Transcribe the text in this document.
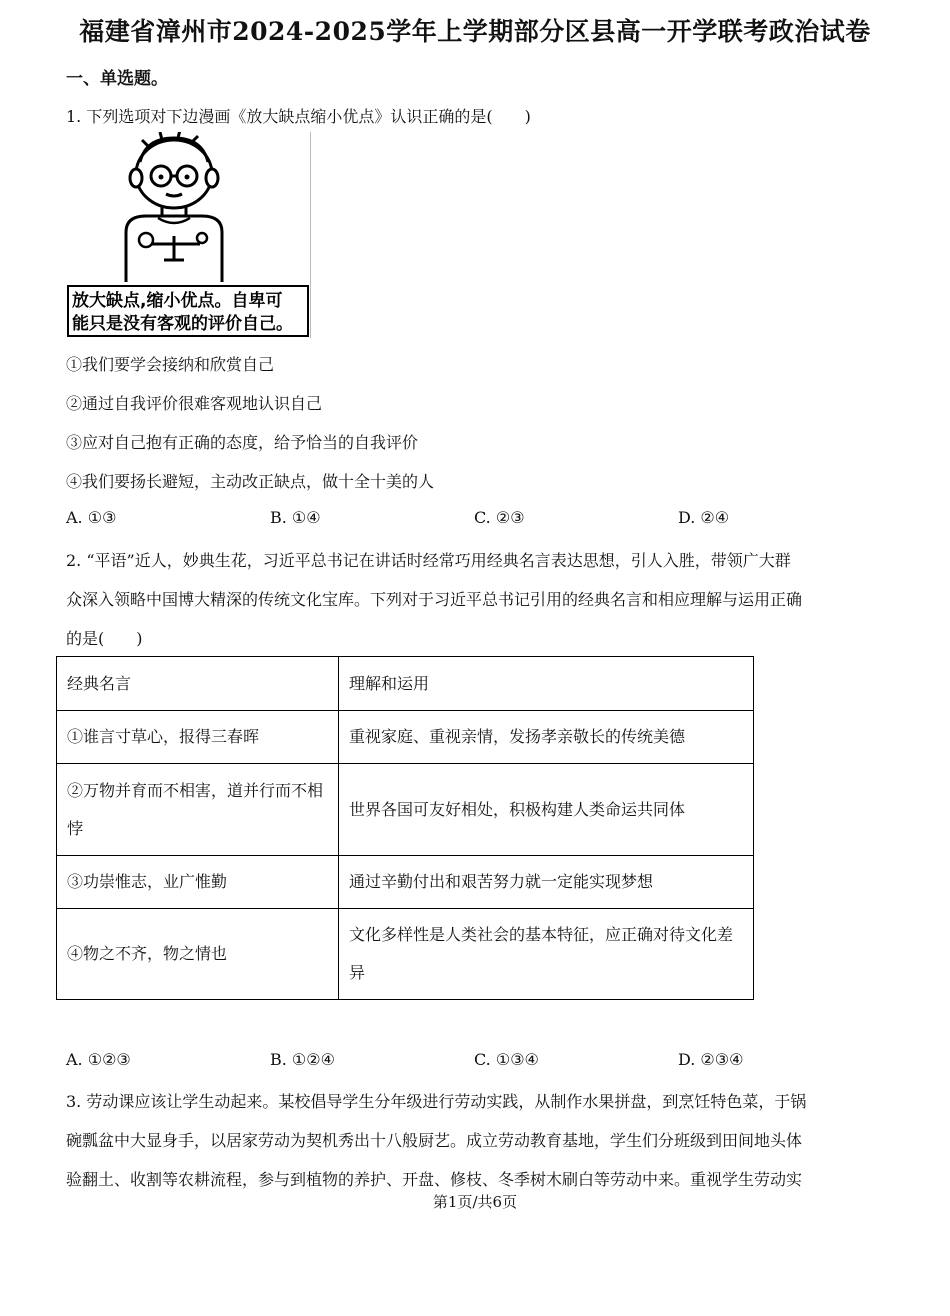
福建省漳州市2024-2025学年上学期部分区县高一开学联考政治试卷
一、单选题。
1. 下列选项对下边漫画《放大缺点缩小优点》认识正确的是(　　)
放大缺点,缩小优点。自卑可
能只是没有客观的评价自己。
①我们要学会接纳和欣赏自己
②通过自我评价很难客观地认识自己
③应对自己抱有正确的态度，给予恰当的自我评价
④我们要扬长避短，主动改正缺点，做十全十美的人
A. ①③	B. ①④	C. ②③	D. ②④
2. “平语”近人，妙典生花，习近平总书记在讲话时经常巧用经典名言表达思想，引人入胜，带领广大群
众深入领略中国博大精深的传统文化宝库。下列对于习近平总书记引用的经典名言和相应理解与运用正确
的是(　　)
经典名言	理解和运用
①谁言寸草心，报得三春晖	重视家庭、重视亲情，发扬孝亲敬长的传统美德
②万物并育而不相害，道并行而不相悖	世界各国可友好相处，积极构建人类命运共同体
③功崇惟志，业广惟勤	通过辛勤付出和艰苦努力就一定能实现梦想
④物之不齐，物之情也	文化多样性是人类社会的基本特征，应正确对待文化差异
A. ①②③	B. ①②④	C. ①③④	D. ②③④
3. 劳动课应该让学生动起来。某校倡导学生分年级进行劳动实践，从制作水果拼盘，到烹饪特色菜，于锅
碗瓢盆中大显身手，以居家劳动为契机秀出十八般厨艺。成立劳动教育基地，学生们分班级到田间地头体
验翻土、收割等农耕流程，参与到植物的养护、开盘、修枝、冬季树木刷白等劳动中来。重视学生劳动实
第1页/共6页
